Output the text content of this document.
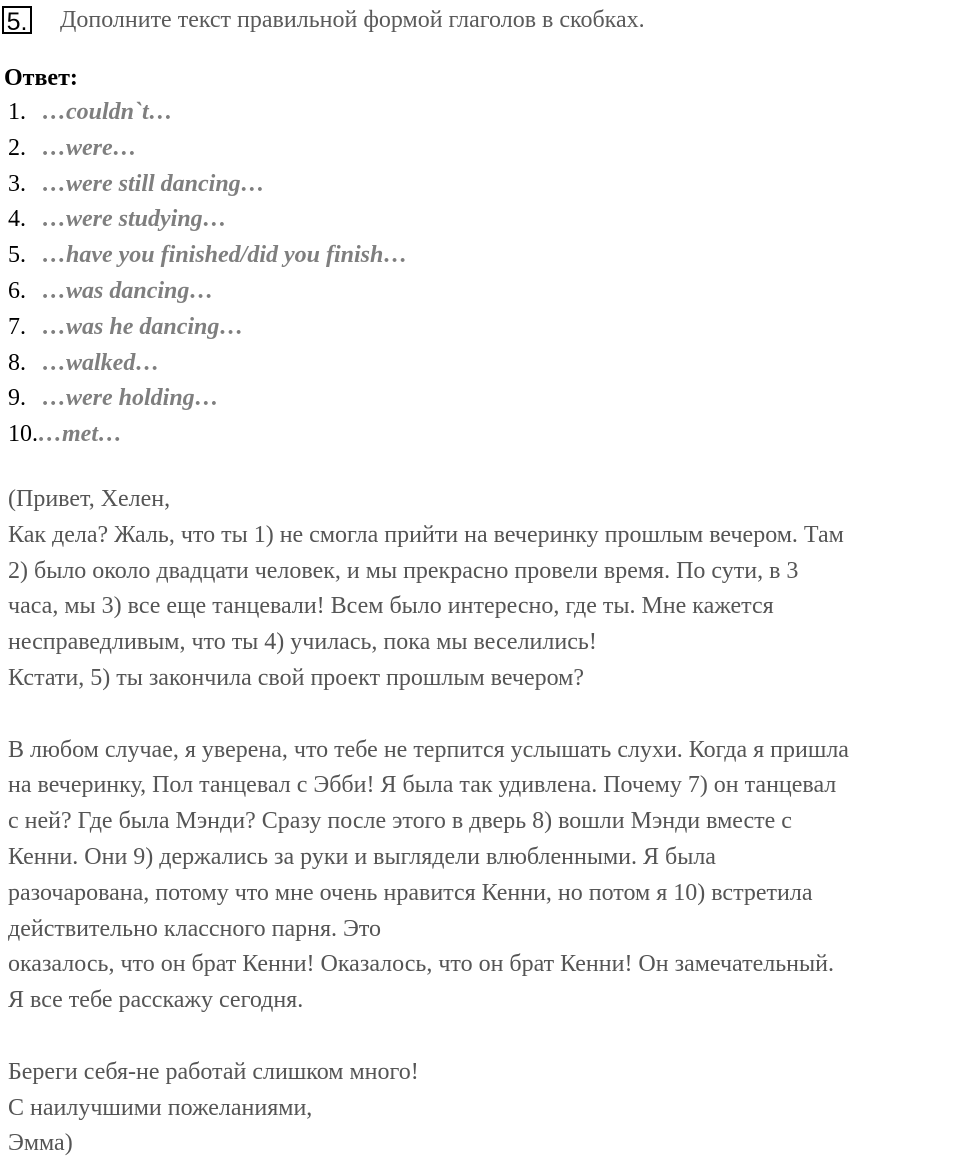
5. Дополните текст правильной формой глаголов в скобках.
Ответ:
1. …couldn`t…
2. …were…
3. …were still dancing…
4. …were studying…
5. …have you finished/did you finish…
6. …was dancing…
7. …was he dancing…
8. …walked…
9. …were holding…
10.…met…

(Привет, Хелен,

Как дела? Жаль, что ты 1) не смогла прийти на вечеринку прошлым вечером. Там

2) было около двадцати человек, и мы прекрасно провели время. По сути, в 3

часа, мы 3) все еще танцевали! Всем было интересно, где ты. Мне кажется

несправедливым, что ты 4) училась, пока мы веселились!

Кстати, 5) ты закончила свой проект прошлым вечером?

В любом случае, я уверена, что тебе не терпится услышать слухи. Когда я пришла

на вечеринку, Пол танцевал с Эбби! Я была так удивлена. Почему 7) он танцевал

с ней? Где была Мэнди? Сразу после этого в дверь 8) вошли Мэнди вместе с

Кенни. Они 9) держались за руки и выглядели влюбленными. Я была

разочарована, потому что мне очень нравится Кенни, но потом я 10) встретила

действительно классного парня. Это

оказалось, что он брат Кенни! Оказалось, что он брат Кенни! Он замечательный.

Я все тебе расскажу сегодня.

Береги себя-не работай слишком много!

С наилучшими пожеланиями,

Эмма)
